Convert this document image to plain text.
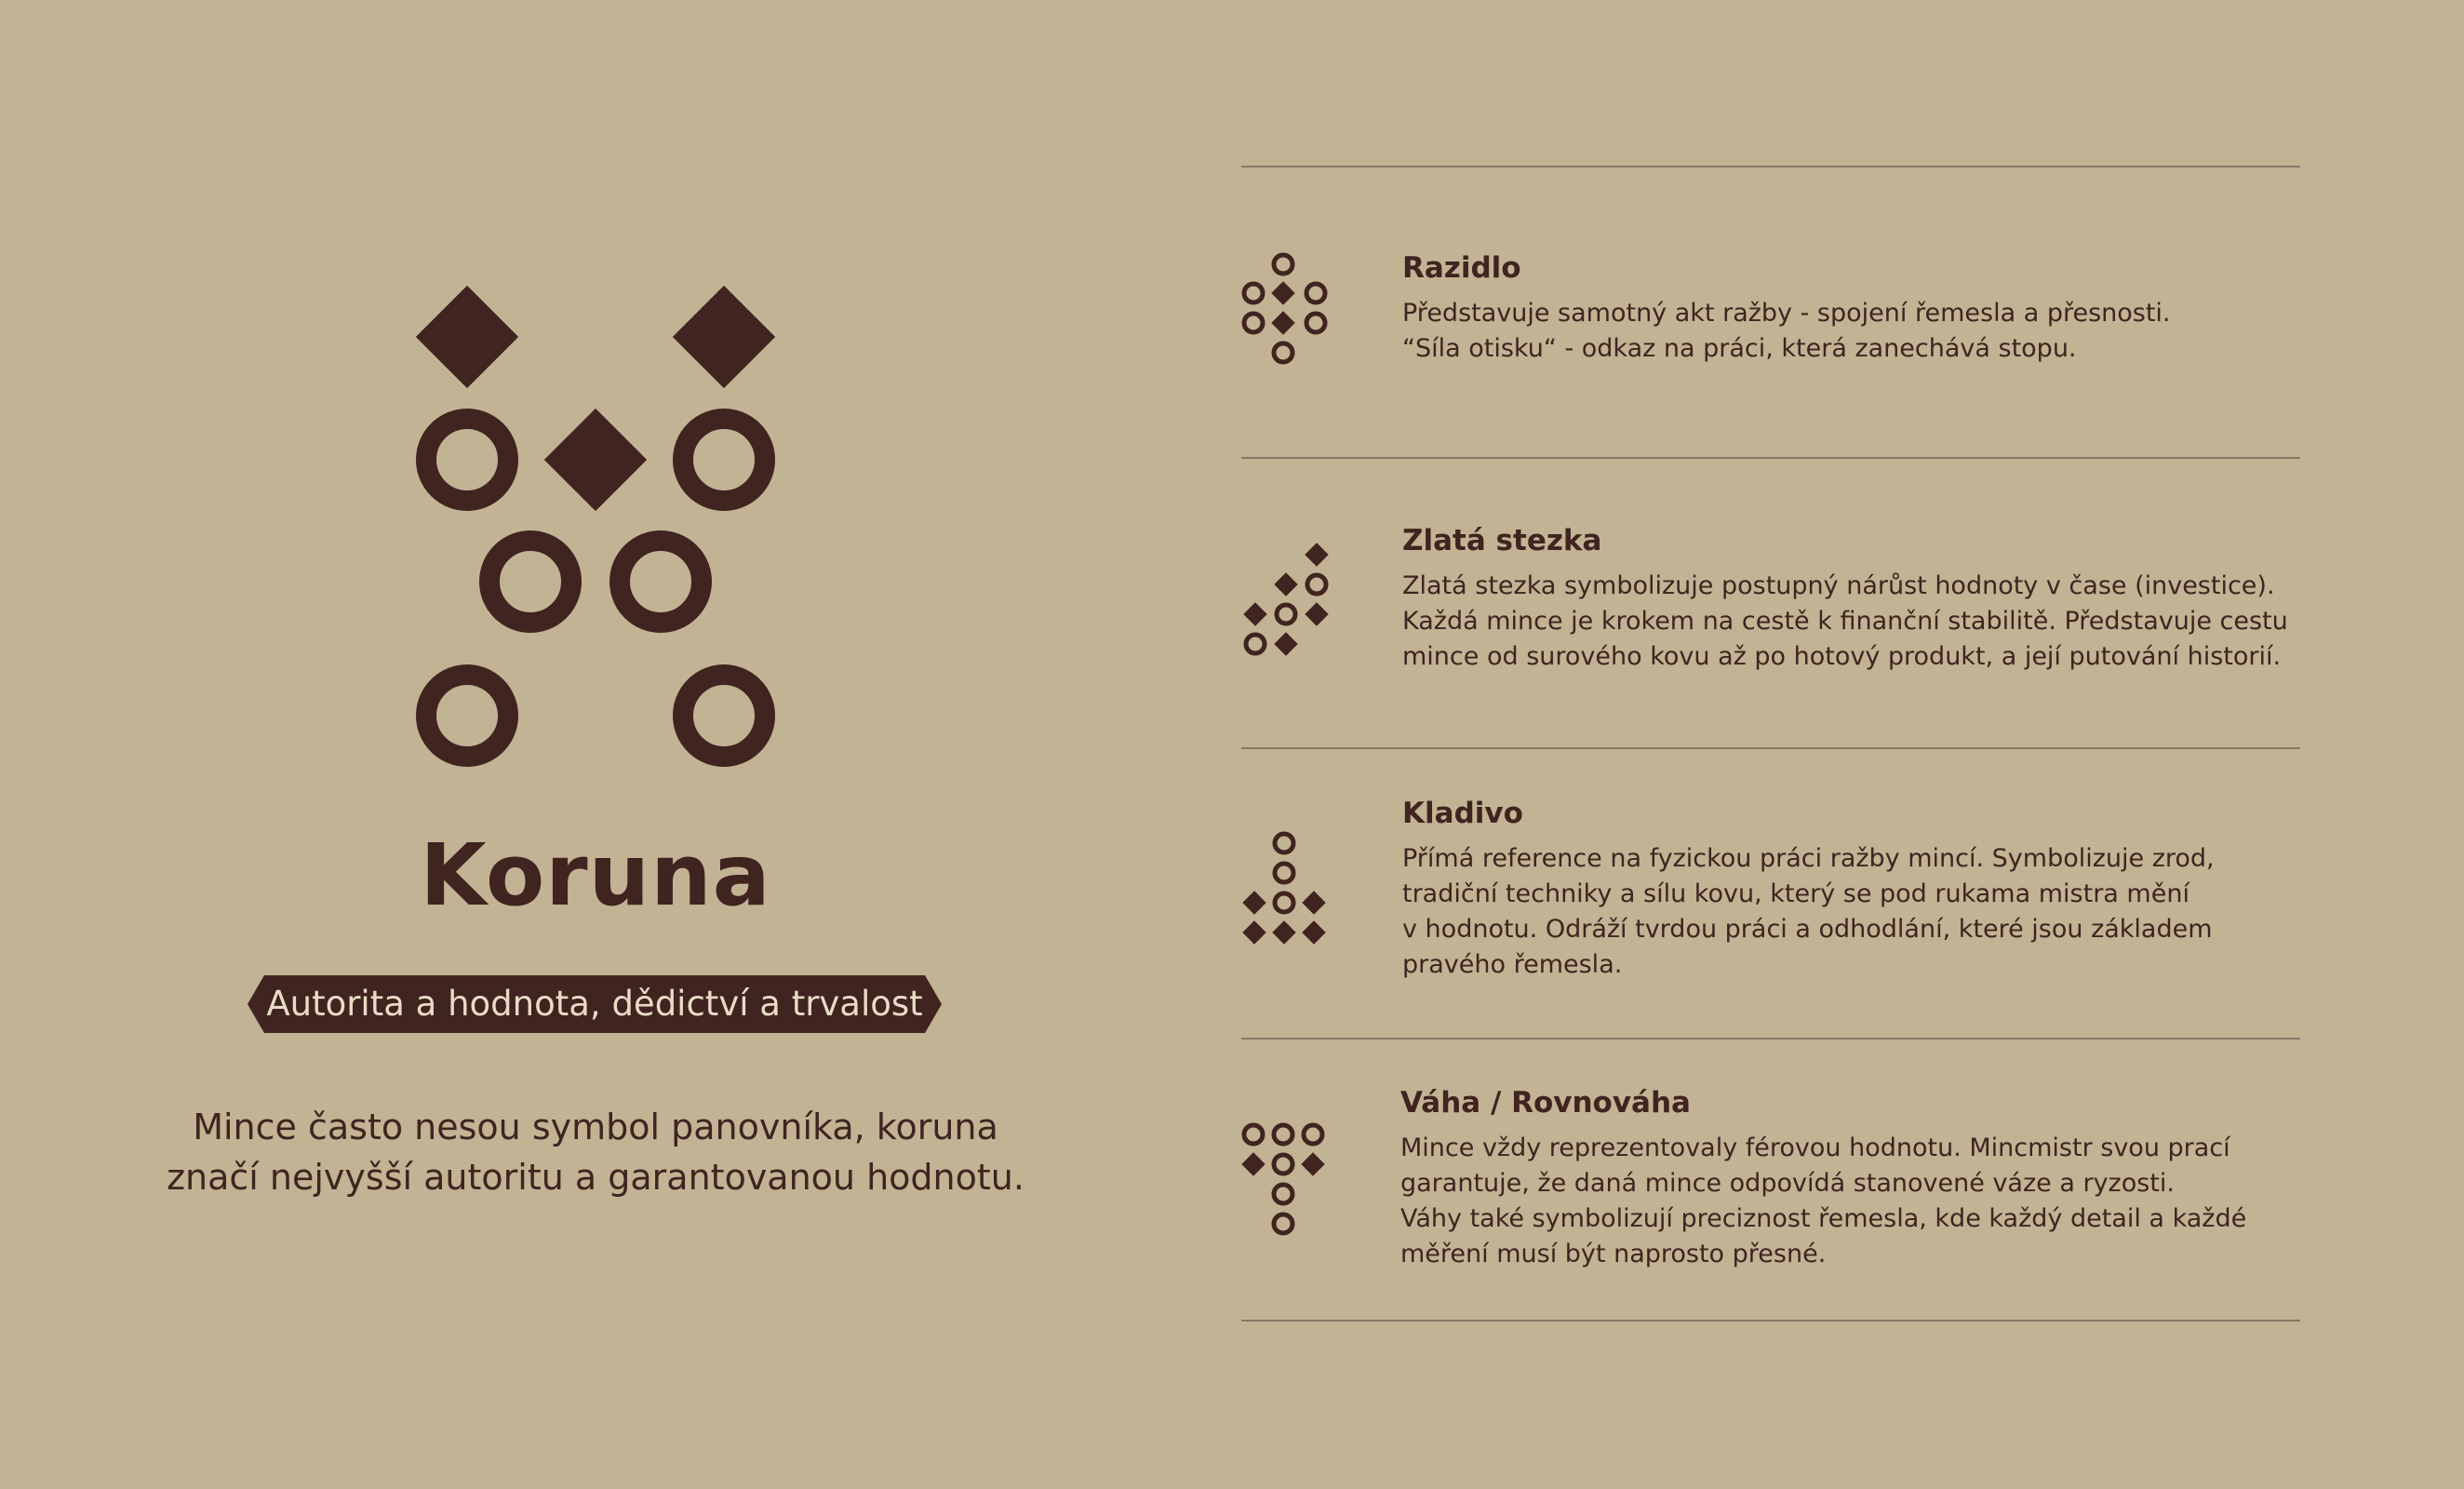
Koruna
Autorita a hodnota, dědictví a trvalost
Mince často nesou symbol panovníka, koruna
značí nejvyšší autoritu a garantovanou hodnotu.
Razidlo
Představuje samotný akt ražby - spojení řemesla a přesnosti.
“Síla otisku“ - odkaz na práci, která zanechává stopu.
Zlatá stezka
Zlatá stezka symbolizuje postupný nárůst hodnoty v čase (investice).
Každá mince je krokem na cestě k finanční stabilitě. Představuje cestu
mince od surového kovu až po hotový produkt, a její putování historií.
Kladivo
Přímá reference na fyzickou práci ražby mincí. Symbolizuje zrod,
tradiční techniky a sílu kovu, který se pod rukama mistra mění
v hodnotu. Odráží tvrdou práci a odhodlání, které jsou základem
pravého řemesla.
Váha / Rovnováha
Mince vždy reprezentovaly férovou hodnotu. Mincmistr svou prací
garantuje, že daná mince odpovídá stanovené váze a ryzosti.
Váhy také symbolizují preciznost řemesla, kde každý detail a každé
měření musí být naprosto přesné.
